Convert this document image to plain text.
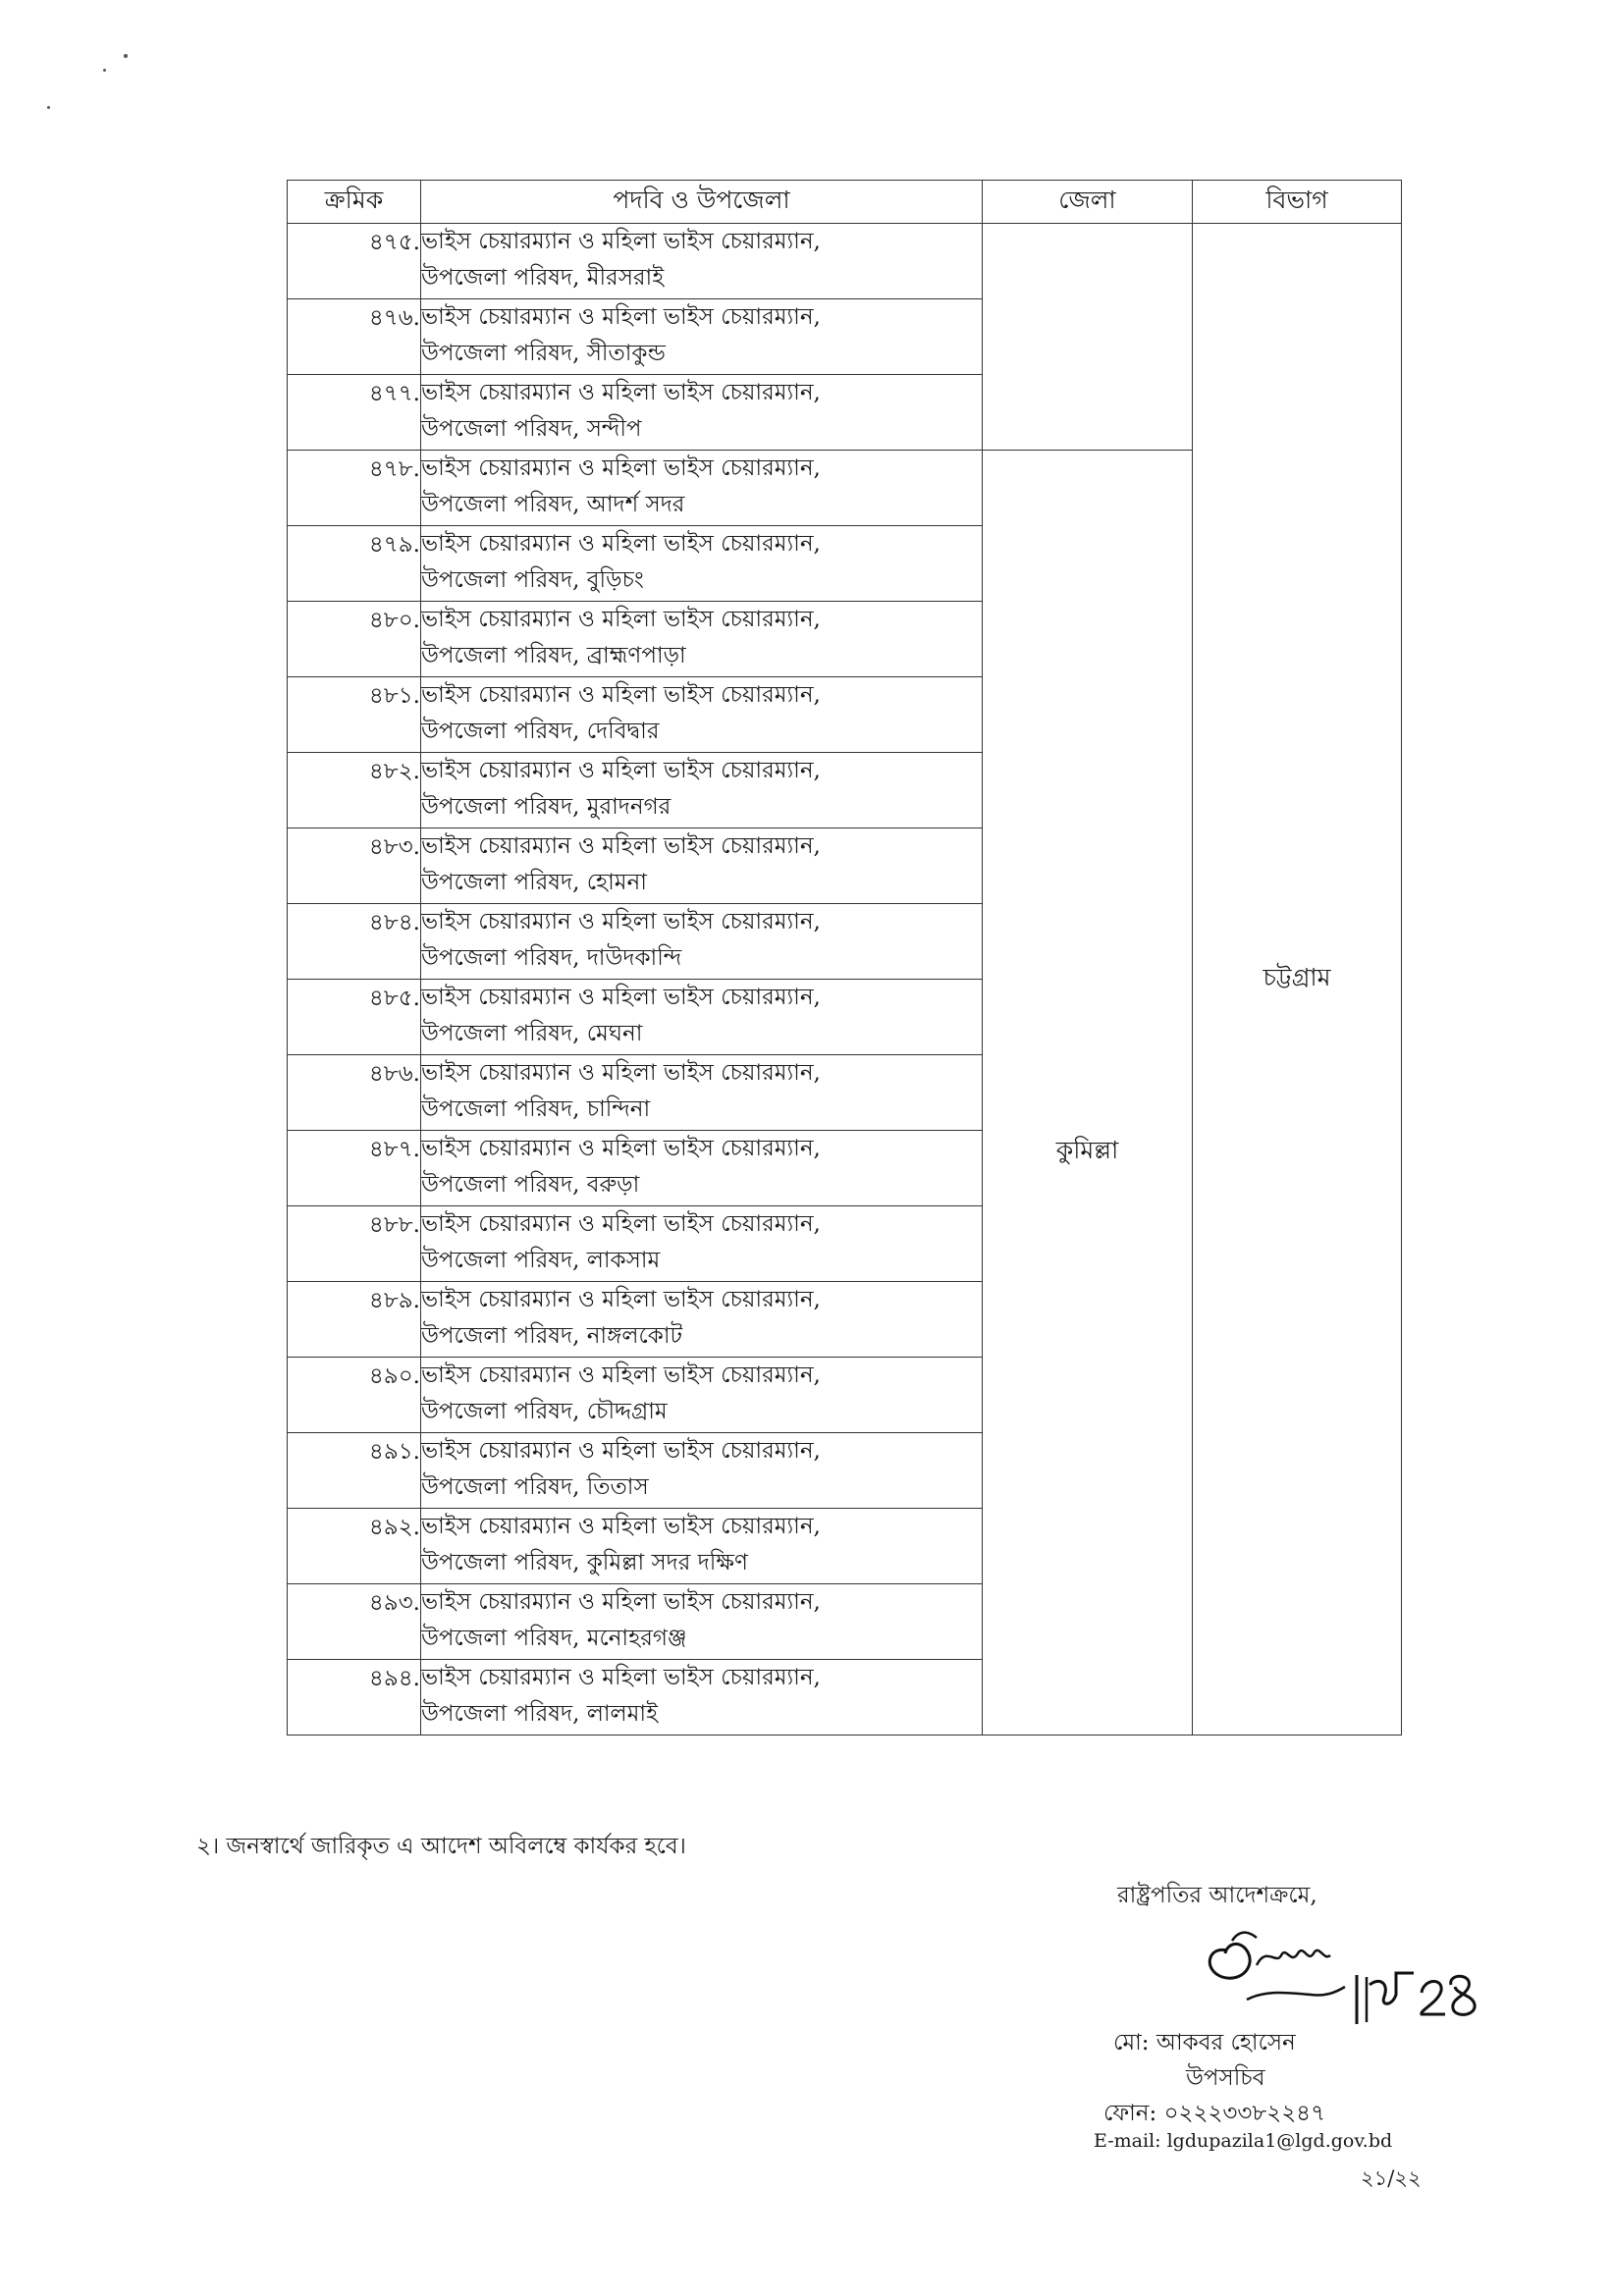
ক্রমিক	পদবি ও উপজেলা	জেলা	বিভাগ
৪৭৫.	ভাইস চেয়ারম্যান ও মহিলা ভাইস চেয়ারম্যান,
উপজেলা পরিষদ, মীরসরাই		চট্টগ্রাম
৪৭৬.	ভাইস চেয়ারম্যান ও মহিলা ভাইস চেয়ারম্যান,
উপজেলা পরিষদ, সীতাকুন্ড		

৪৭৭.	ভাইস চেয়ারম্যান ও মহিলা ভাইস চেয়ারম্যান,
উপজেলা পরিষদ, সন্দীপ		

৪৭৮.	ভাইস চেয়ারম্যান ও মহিলা ভাইস চেয়ারম্যান,
উপজেলা পরিষদ, আদর্শ সদর	কুমিল্লা	
৪৭৯.	ভাইস চেয়ারম্যান ও মহিলা ভাইস চেয়ারম্যান,
উপজেলা পরিষদ, বুড়িচং		

৪৮০.	ভাইস চেয়ারম্যান ও মহিলা ভাইস চেয়ারম্যান,
উপজেলা পরিষদ, ব্রাহ্মণপাড়া		

৪৮১.	ভাইস চেয়ারম্যান ও মহিলা ভাইস চেয়ারম্যান,
উপজেলা পরিষদ, দেবিদ্বার		

৪৮২.	ভাইস চেয়ারম্যান ও মহিলা ভাইস চেয়ারম্যান,
উপজেলা পরিষদ, মুরাদনগর		

৪৮৩.	ভাইস চেয়ারম্যান ও মহিলা ভাইস চেয়ারম্যান,
উপজেলা পরিষদ, হোমনা		

৪৮৪.	ভাইস চেয়ারম্যান ও মহিলা ভাইস চেয়ারম্যান,
উপজেলা পরিষদ, দাউদকান্দি		

৪৮৫.	ভাইস চেয়ারম্যান ও মহিলা ভাইস চেয়ারম্যান,
উপজেলা পরিষদ, মেঘনা		

৪৮৬.	ভাইস চেয়ারম্যান ও মহিলা ভাইস চেয়ারম্যান,
উপজেলা পরিষদ, চান্দিনা		

৪৮৭.	ভাইস চেয়ারম্যান ও মহিলা ভাইস চেয়ারম্যান,
উপজেলা পরিষদ, বরুড়া		

৪৮৮.	ভাইস চেয়ারম্যান ও মহিলা ভাইস চেয়ারম্যান,
উপজেলা পরিষদ, লাকসাম		

৪৮৯.	ভাইস চেয়ারম্যান ও মহিলা ভাইস চেয়ারম্যান,
উপজেলা পরিষদ, নাঙ্গলকোট		

৪৯০.	ভাইস চেয়ারম্যান ও মহিলা ভাইস চেয়ারম্যান,
উপজেলা পরিষদ, চৌদ্দগ্রাম		

৪৯১.	ভাইস চেয়ারম্যান ও মহিলা ভাইস চেয়ারম্যান,
উপজেলা পরিষদ, তিতাস		

৪৯২.	ভাইস চেয়ারম্যান ও মহিলা ভাইস চেয়ারম্যান,
উপজেলা পরিষদ, কুমিল্লা সদর দক্ষিণ		

৪৯৩.	ভাইস চেয়ারম্যান ও মহিলা ভাইস চেয়ারম্যান,
উপজেলা পরিষদ, মনোহরগঞ্জ		

৪৯৪.	ভাইস চেয়ারম্যান ও মহিলা ভাইস চেয়ারম্যান,
উপজেলা পরিষদ, লালমাই		
২। জনস্বার্থে জারিকৃত এ আদেশ অবিলম্বে কার্যকর হবে।
রাষ্ট্রপতির আদেশক্রমে,
মো: আকবর হোসেন
উপসচিব
ফোন: ০২২২৩৩৮২২৪৭
E-mail: lgdupazila1@lgd.gov.bd
২১/২২
